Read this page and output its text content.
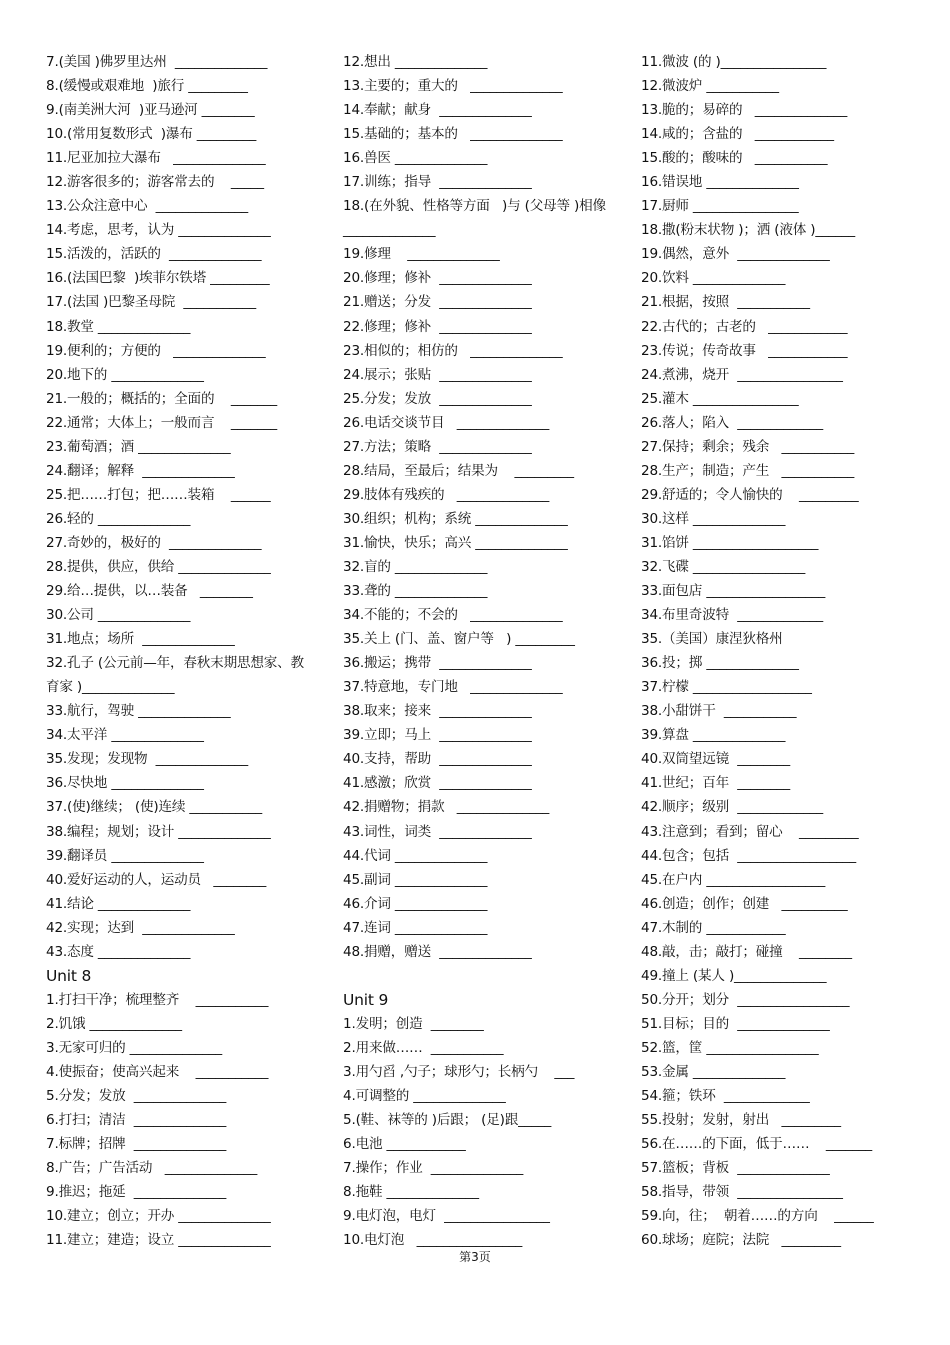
7.(美国 )佛罗里达州  ______________
8.(缓慢或艰难地  )旅行 _________
9.(南美洲大河  )亚马逊河 ________
10.(常用复数形式  )瀑布 _________
11.尼亚加拉大瀑布   ______________
12.游客很多的；游客常去的    _____
13.公众注意中心  ______________
14.考虑，思考，认为 ______________
15.活泼的，活跃的  ______________
16.(法国巴黎  )埃菲尔铁塔 _________
17.(法国 )巴黎圣母院  ___________
18.教堂 ______________
19.便利的；方便的   ______________
20.地下的 ______________
21.一般的；概括的；全面的    _______
22.通常；大体上；一般而言    _______
23.葡萄酒；酒 ______________
24.翻译；解释  ______________
25.把……打包；把……装箱    ______
26.轻的 ______________
27.奇妙的，极好的  ______________
28.提供，供应，供给 ______________
29.给…提供，以…装备   ________
30.公司 ______________
31.地点；场所  ______________
32.孔子 (公元前—年，春秋末期思想家、教育家 )______________
33.航行，驾驶 ______________
34.太平洋 ______________
35.发现；发现物  ______________
36.尽快地 ______________
37.(使)继续； (使)连续 ___________
38.编程；规划；设计 ______________
39.翻译员 ______________
40.爱好运动的人，运动员   ________
41.结论 ______________
42.实现；达到  ______________
43.态度 ______________
Unit 8
1.打扫干净；梳理整齐    ___________
2.饥饿 ______________
3.无家可归的 ______________
4.使振奋；使高兴起来    ___________
5.分发；发放  ______________
6.打扫；清洁  ______________
7.标牌；招牌  ______________
8.广告；广告活动   ______________
9.推迟；拖延  ______________
10.建立；创立；开办 ______________
11.建立；建造；设立 ______________
12.想出 ______________
13.主要的；重大的   ______________
14.奉献；献身  ______________
15.基础的；基本的   ______________
16.兽医 ______________
17.训练；指导  ______________
18.(在外貌、性格等方面   )与 (父母等 )相像 ______________
19.修理    ______________
20.修理；修补  ______________
21.赠送；分发  ______________
22.修理；修补  ______________
23.相似的；相仿的   ______________
24.展示；张贴  ______________
25.分发；发放  ______________
26.电话交谈节目   ______________
27.方法；策略  ______________
28.结局，至最后；结果为    _________
29.肢体有残疾的   ______________
30.组织；机构；系统 ______________
31.愉快，快乐；高兴 ______________
32.盲的 ______________
33.聋的 ______________
34.不能的；不会的   ______________
35.关上 (门、盖、窗户等   ) _________
36.搬运；携带  ______________
37.特意地，专门地   ______________
38.取来；接来  ______________
39.立即；马上  ______________
40.支持，帮助  ______________
41.感激；欣赏  ______________
42.捐赠物；捐款   ______________
43.词性，词类  ______________
44.代词 ______________
45.副词 ______________
46.介词 ______________
47.连词 ______________
48.捐赠，赠送  ______________
Unit 9
1.发明；创造  ________
2.用来做……  ___________
3.用勺舀 ,勺子；球形勺；长柄勺    ___
4.可调整的 ______________
5.(鞋、袜等的 )后跟； (足)跟_____
6.电池 ____________
7.操作；作业  ______________
8.拖鞋 ______________
9.电灯泡，电灯  ________________
10.电灯泡   ________________
11.微波 (的 )________________
12.微波炉 ___________
13.脆的；易碎的   ______________
14.咸的；含盐的   ____________
15.酸的；酸味的   ___________
16.错误地 ______________
17.厨师 ________________
18.撒(粉末状物 )；洒 (液体 )______
19.偶然，意外  ______________
20.饮料 ______________
21.根据，按照  ___________
22.古代的；古老的   ____________
23.传说；传奇故事   ____________
24.煮沸，烧开  ________________
25.灌木 ________________
26.落人；陷入  _____________
27.保持；剩余；残余   ___________
28.生产；制造；产生   ___________
29.舒适的；令人愉快的    _________
30.这样 ______________
31.馅饼 ___________________
32.飞碟 _________________
33.面包店 __________________
34.布里奇波特  _____________
35.（美国）康涅狄格州
36.投；掷 ______________
37.柠檬 __________________
38.小甜饼干  ___________
39.算盘 ______________
40.双筒望远镜  ________
41.世纪；百年  ________
42.顺序；级别  _____________
43.注意到；看到；留心    _________
44.包含；包括  __________________
45.在户内 __________________
46.创造；创作；创建   __________
47.木制的 ____________
48.敲，击；敲打；碰撞    ________
49.撞上 (某人 )______________
50.分开；划分  _________________
51.目标；目的  ______________
52.篮，筐 _________________
53.金属 ______________
54.箍；铁环  _____________
55.投射；发射，射出   _________
56.在……的下面，低于……    _______
57.篮板；背板  ______________
58.指导，带领  ________________
59.向，往；  朝着……的方向    ______
60.球场；庭院；法院   _________
第3页
